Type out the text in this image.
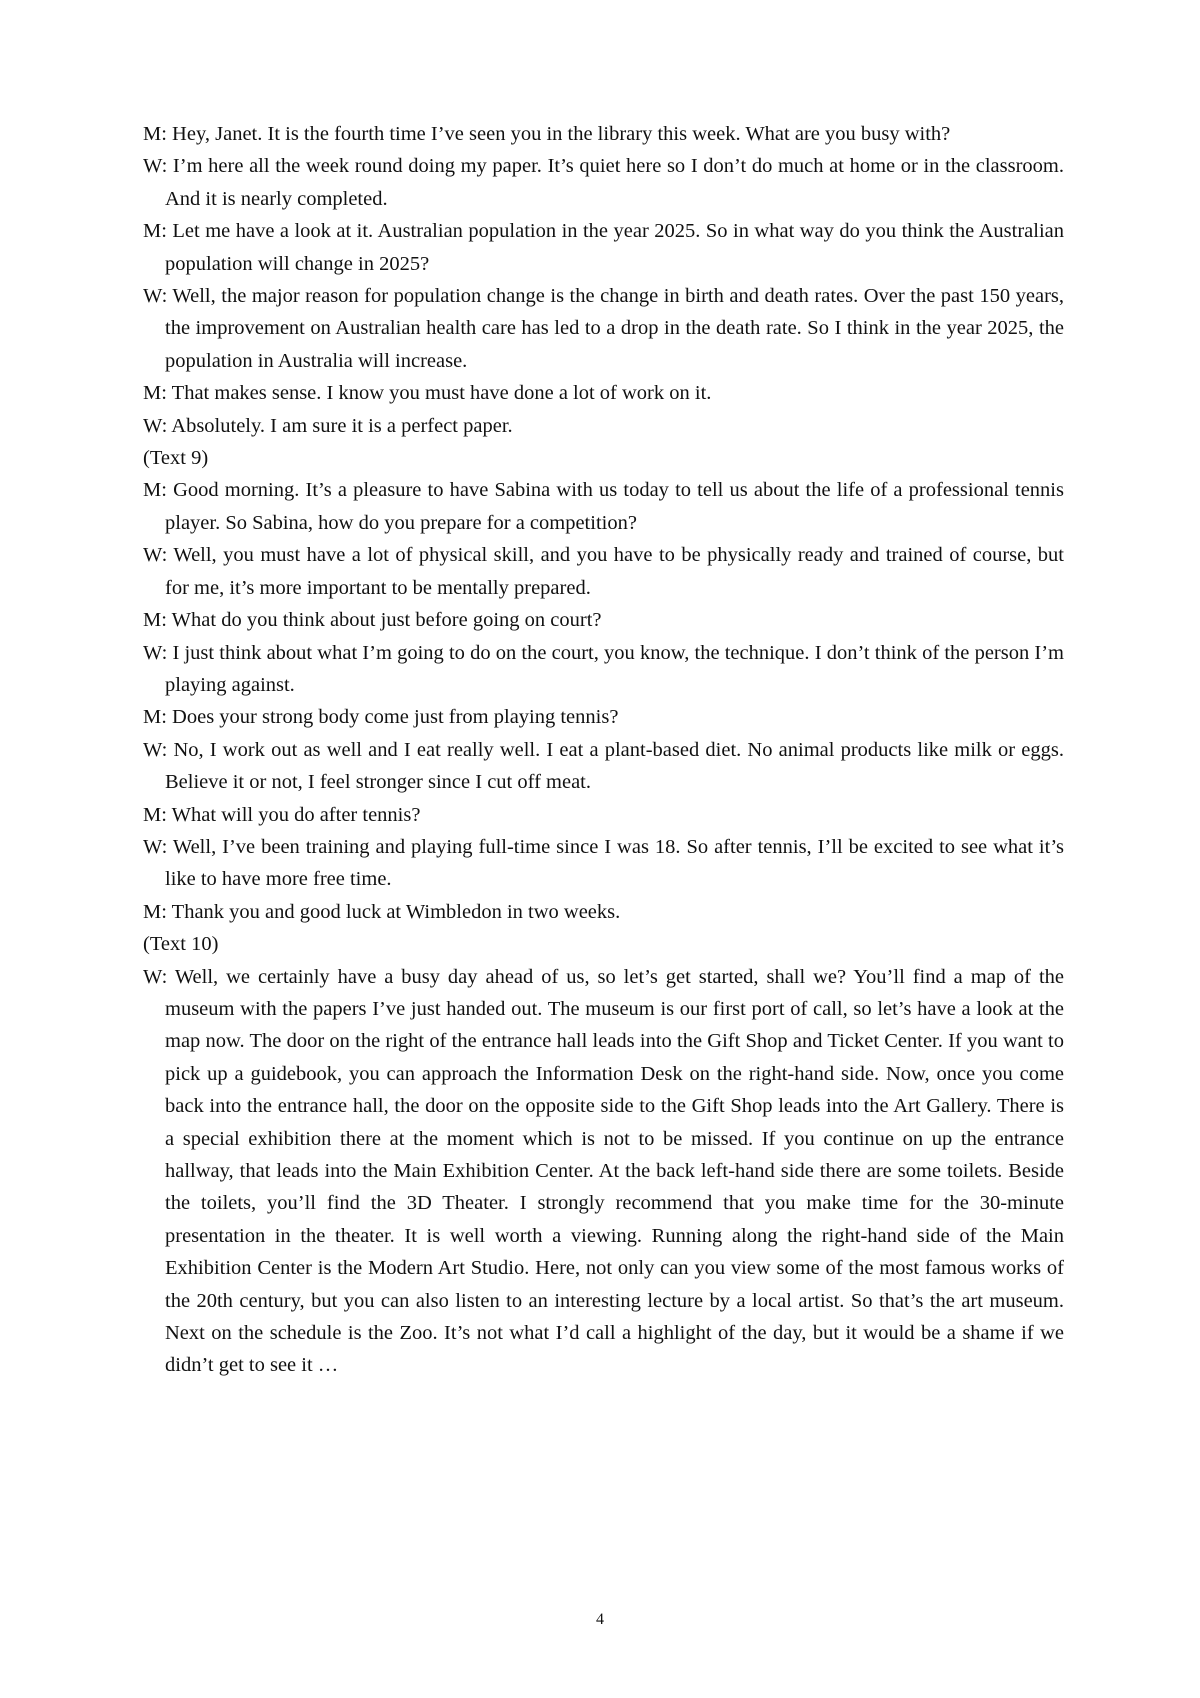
M: Hey, Janet. It is the fourth time I’ve seen you in the library this week. What are you busy with?

W: I’m here all the week round doing my paper. It’s quiet here so I don’t do much at home or in the classroom. And it is nearly completed.

M: Let me have a look at it. Australian population in the year 2025. So in what way do you think the Australian population will change in 2025?

W: Well, the major reason for population change is the change in birth and death rates. Over the past 150 years, the improvement on Australian health care has led to a drop in the death rate. So I think in the year 2025, the population in Australia will increase.

M: That makes sense. I know you must have done a lot of work on it.

W: Absolutely. I am sure it is a perfect paper.

(Text 9)

M: Good morning. It’s a pleasure to have Sabina with us today to tell us about the life of a professional tennis player. So Sabina, how do you prepare for a competition?

W: Well, you must have a lot of physical skill, and you have to be physically ready and trained of course, but for me, it’s more important to be mentally prepared.

M: What do you think about just before going on court?

W: I just think about what I’m going to do on the court, you know, the technique. I don’t think of the person I’m playing against.

M: Does your strong body come just from playing tennis?

W: No, I work out as well and I eat really well. I eat a plant-based diet. No animal products like milk or eggs. Believe it or not, I feel stronger since I cut off meat.

M: What will you do after tennis?

W: Well, I’ve been training and playing full-time since I was 18. So after tennis, I’ll be excited to see what it’s like to have more free time.

M: Thank you and good luck at Wimbledon in two weeks.

(Text 10)

W: Well, we certainly have a busy day ahead of us, so let’s get started, shall we? You’ll find a map of the museum with the papers I’ve just handed out. The museum is our first port of call, so let’s have a look at the map now. The door on the right of the entrance hall leads into the Gift Shop and Ticket Center. If you want to pick up a guidebook, you can approach the Information Desk on the right-hand side. Now, once you come back into the entrance hall, the door on the opposite side to the Gift Shop leads into the Art Gallery. There is a special exhibition there at the moment which is not to be missed. If you continue on up the entrance hallway, that leads into the Main Exhibition Center. At the back left-hand side there are some toilets. Beside the toilets, you’ll find the 3D Theater. I strongly recommend that you make time for the 30-minute presentation in the theater. It is well worth a viewing. Running along the right-hand side of the Main Exhibition Center is the Modern Art Studio. Here, not only can you view some of the most famous works of the 20th century, but you can also listen to an interesting lecture by a local artist. So that’s the art museum. Next on the schedule is the Zoo. It’s not what I’d call a highlight of the day, but it would be a shame if we didn’t get to see it …

4
